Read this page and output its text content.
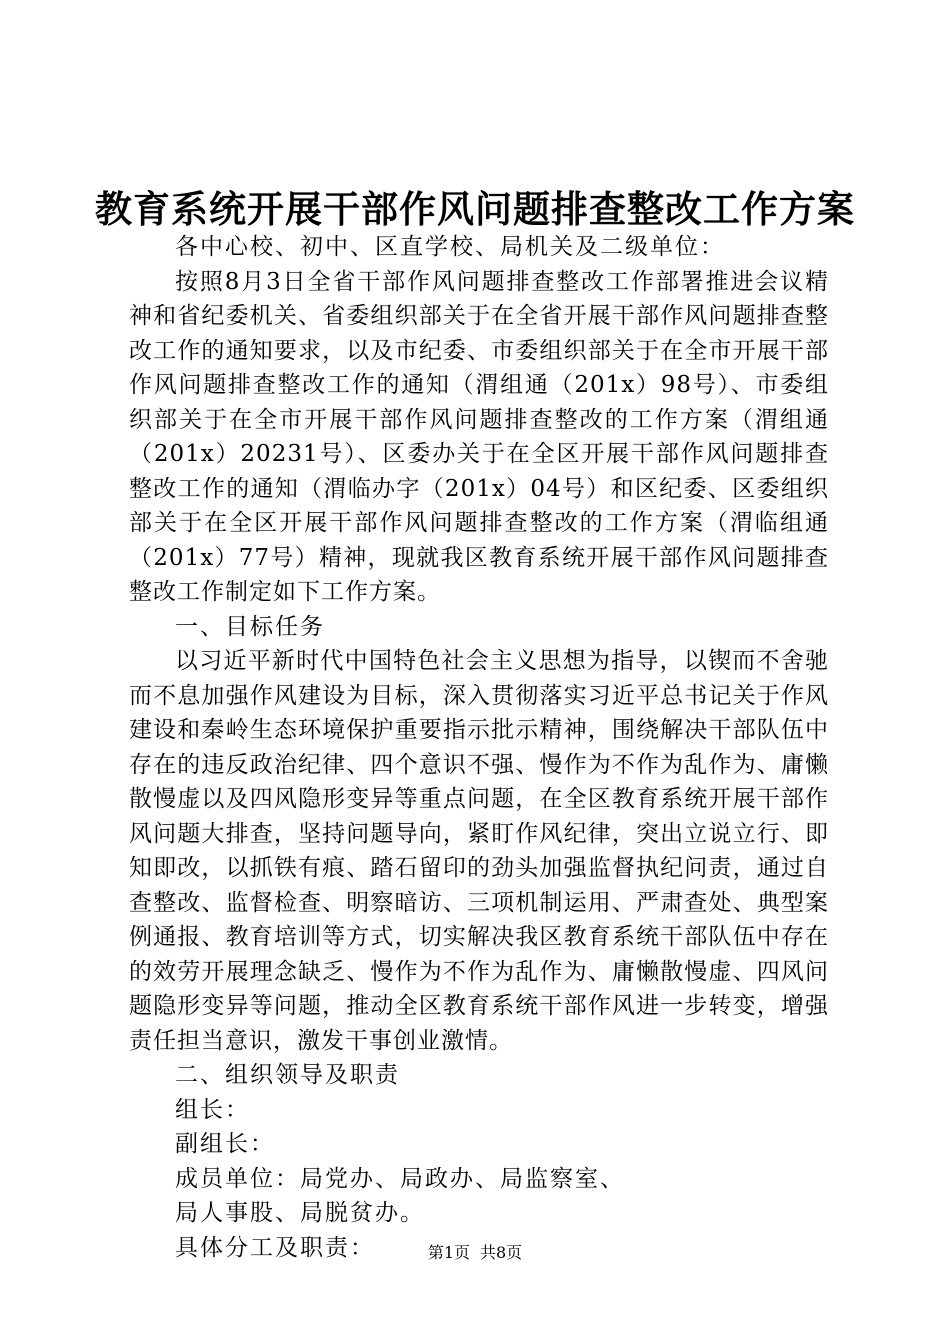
教育系统开展干部作风问题排查整改工作方案

各中心校、初中、区直学校、局机关及二级单位：

按照8月3日全省干部作风问题排查整改工作部署推进会议精神和省纪委机关、省委组织部关于在全省开展干部作风问题排查整改工作的通知要求，以及市纪委、市委组织部关于在全市开展干部作风问题排查整改工作的通知（渭组通（201x）98号）、市委组织部关于在全市开展干部作风问题排查整改的工作方案（渭组通（201x）20231号）、区委办关于在全区开展干部作风问题排查整改工作的通知（渭临办字（201x）04号）和区纪委、区委组织部关于在全区开展干部作风问题排查整改的工作方案（渭临组通（201x）77号）精神，现就我区教育系统开展干部作风问题排查整改工作制定如下工作方案。

一、目标任务

以习近平新时代中国特色社会主义思想为指导，以锲而不舍驰而不息加强作风建设为目标，深入贯彻落实习近平总书记关于作风建设和秦岭生态环境保护重要指示批示精神，围绕解决干部队伍中存在的违反政治纪律、四个意识不强、慢作为不作为乱作为、庸懒散慢虚以及四风隐形变异等重点问题，在全区教育系统开展干部作风问题大排查，坚持问题导向，紧盯作风纪律，突出立说立行、即知即改，以抓铁有痕、踏石留印的劲头加强监督执纪问责，通过自查整改、监督检查、明察暗访、三项机制运用、严肃查处、典型案例通报、教育培训等方式，切实解决我区教育系统干部队伍中存在的效劳开展理念缺乏、慢作为不作为乱作为、庸懒散慢虚、四风问题隐形变异等问题，推动全区教育系统干部作风进一步转变，增强责任担当意识，激发干事创业激情。

二、组织领导及职责

组长：

副组长：

成员单位：局党办、局政办、局监察室、

局人事股、局脱贫办。

具体分工及职责：	第1页 共8页
